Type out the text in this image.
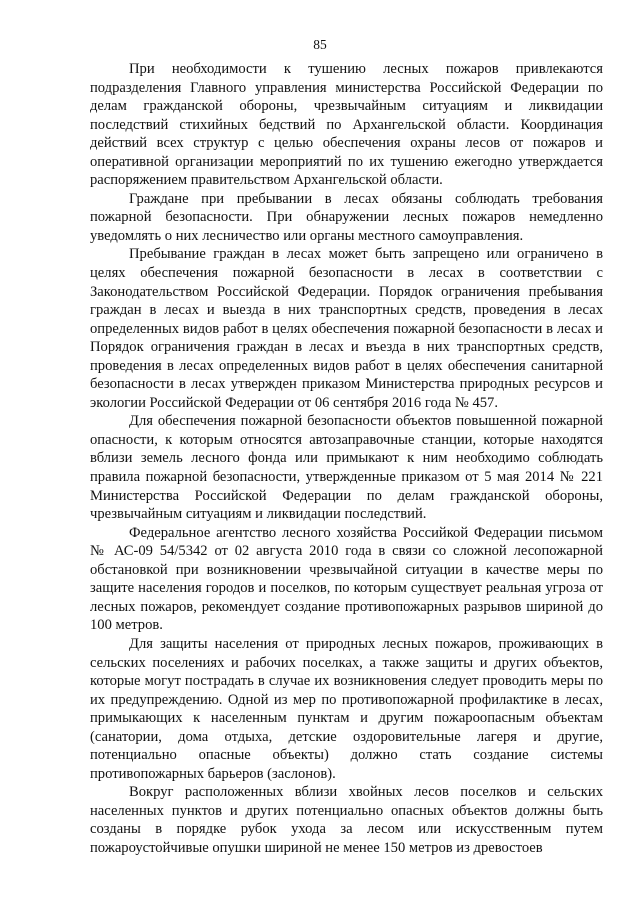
85

При необходимости к тушению лесных пожаров привлекаются подразделения Главного управления министерства Российской Федерации по делам гражданской обороны, чрезвычайным ситуациям и ликвидации последствий стихийных бедствий по Архангельской области. Координация действий всех структур с целью обеспечения охраны лесов от пожаров и оперативной организации мероприятий по их тушению ежегодно утверждается распоряжением правительством Архангельской области.

Граждане при пребывании в лесах обязаны соблюдать требования пожарной безопасности. При обнаружении лесных пожаров немедленно уведомлять о них лесничество или органы местного самоуправления.

Пребывание граждан в лесах может быть запрещено или ограничено в целях обеспечения пожарной безопасности в лесах в соответствии с Законодательством Российской Федерации. Порядок ограничения пребывания граждан в лесах и выезда в них транспортных средств, проведения в лесах определенных видов работ в целях обеспечения пожарной безопасности в лесах и Порядок ограничения граждан в лесах и въезда в них транспортных средств, проведения в лесах определенных видов работ в целях обеспечения санитарной безопасности в лесах утвержден приказом Министерства природных ресурсов и экологии Российской Федерации от 06 сентября 2016 года № 457.

Для обеспечения пожарной безопасности объектов повышенной пожарной опасности, к которым относятся автозаправочные станции, которые находятся вблизи земель лесного фонда или примыкают к ним необходимо соблюдать правила пожарной безопасности, утвержденные приказом от 5 мая 2014 № 221 Министерства Российской Федерации по делам гражданской обороны, чрезвычайным ситуациям и ликвидации последствий.

Федеральное агентство лесного хозяйства Российкой Федерации письмом № АС-09 54/5342 от 02 августа 2010 года в связи со сложной лесопожарной обстановкой при возникновении чрезвычайной ситуации в качестве меры по защите населения городов и поселков, по которым существует реальная угроза от лесных пожаров, рекомендует создание противопожарных разрывов шириной до 100 метров.

Для защиты населения от природных лесных пожаров, проживающих в сельских поселениях и рабочих поселках, а также защиты и других объектов, которые могут пострадать в случае их возникновения следует проводить меры по их предупреждению. Одной из мер по противопожарной профилактике в лесах, примыкающих к населенным пунктам и другим пожароопасным объектам (санатории, дома отдыха, детские оздоровительные лагеря и другие, потенциально опасные объекты) должно стать создание системы противопожарных барьеров (заслонов).

Вокруг расположенных вблизи хвойных лесов поселков и сельских населенных пунктов и других потенциально опасных объектов должны быть созданы в порядке рубок ухода за лесом или искусственным путем пожароустойчивые опушки шириной не менее 150 метров из древостоев
